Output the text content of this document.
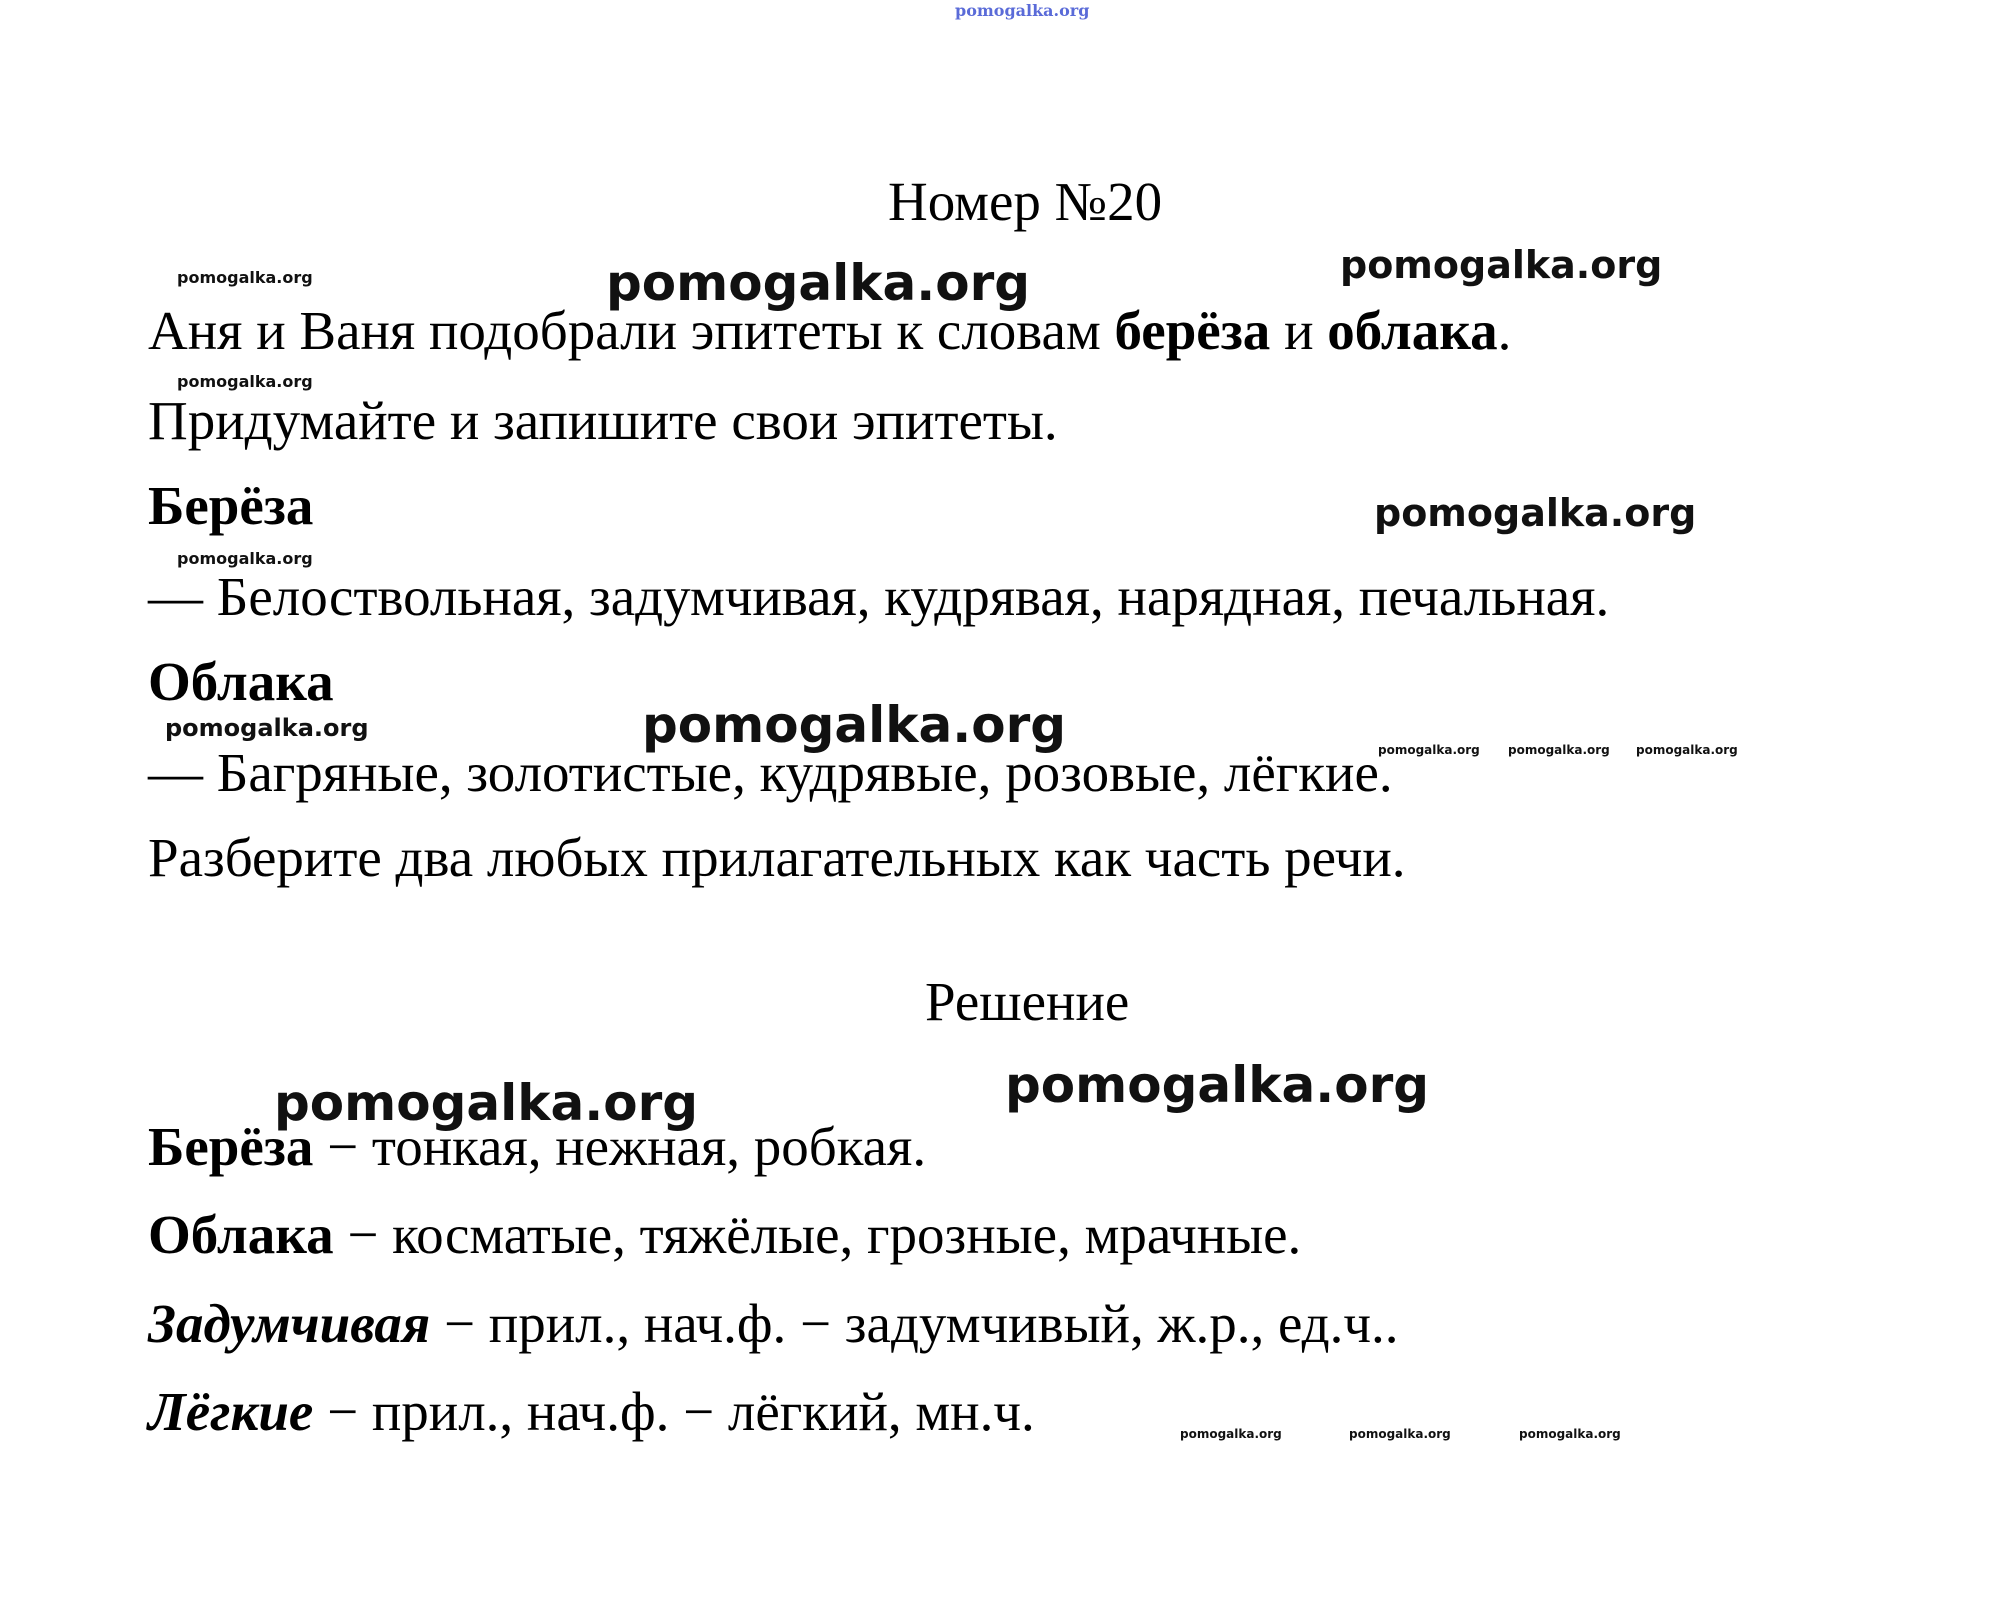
pomogalka.org
Номер №20
pomogalka.org	pomogalka.org	pomogalka.org
Аня и Ваня подобрали эпитеты к словам берёза и облака.
pomogalka.org
Придумайте и запишите свои эпитеты.
Берёза	pomogalka.org
pomogalka.org
— Белоствольная, задумчивая, кудрявая, нарядная, печальная.
Облака
pomogalka.org	pomogalka.org	pomogalka.org pomogalka.org pomogalka.org
— Багряные, золотистые, кудрявые, розовые, лёгкие.
Разберите два любых прилагательных как часть речи.
Решение
pomogalka.org	pomogalka.org
Берёза − тонкая, нежная, робкая.
Облака − косматые, тяжёлые, грозные, мрачные.
Задумчивая − прил., нач.ф. − задумчивый, ж.р., ед.ч..
Лёгкие − прил., нач.ф. − лёгкий, мн.ч.	pomogalka.org	pomogalka.org	pomogalka.org
